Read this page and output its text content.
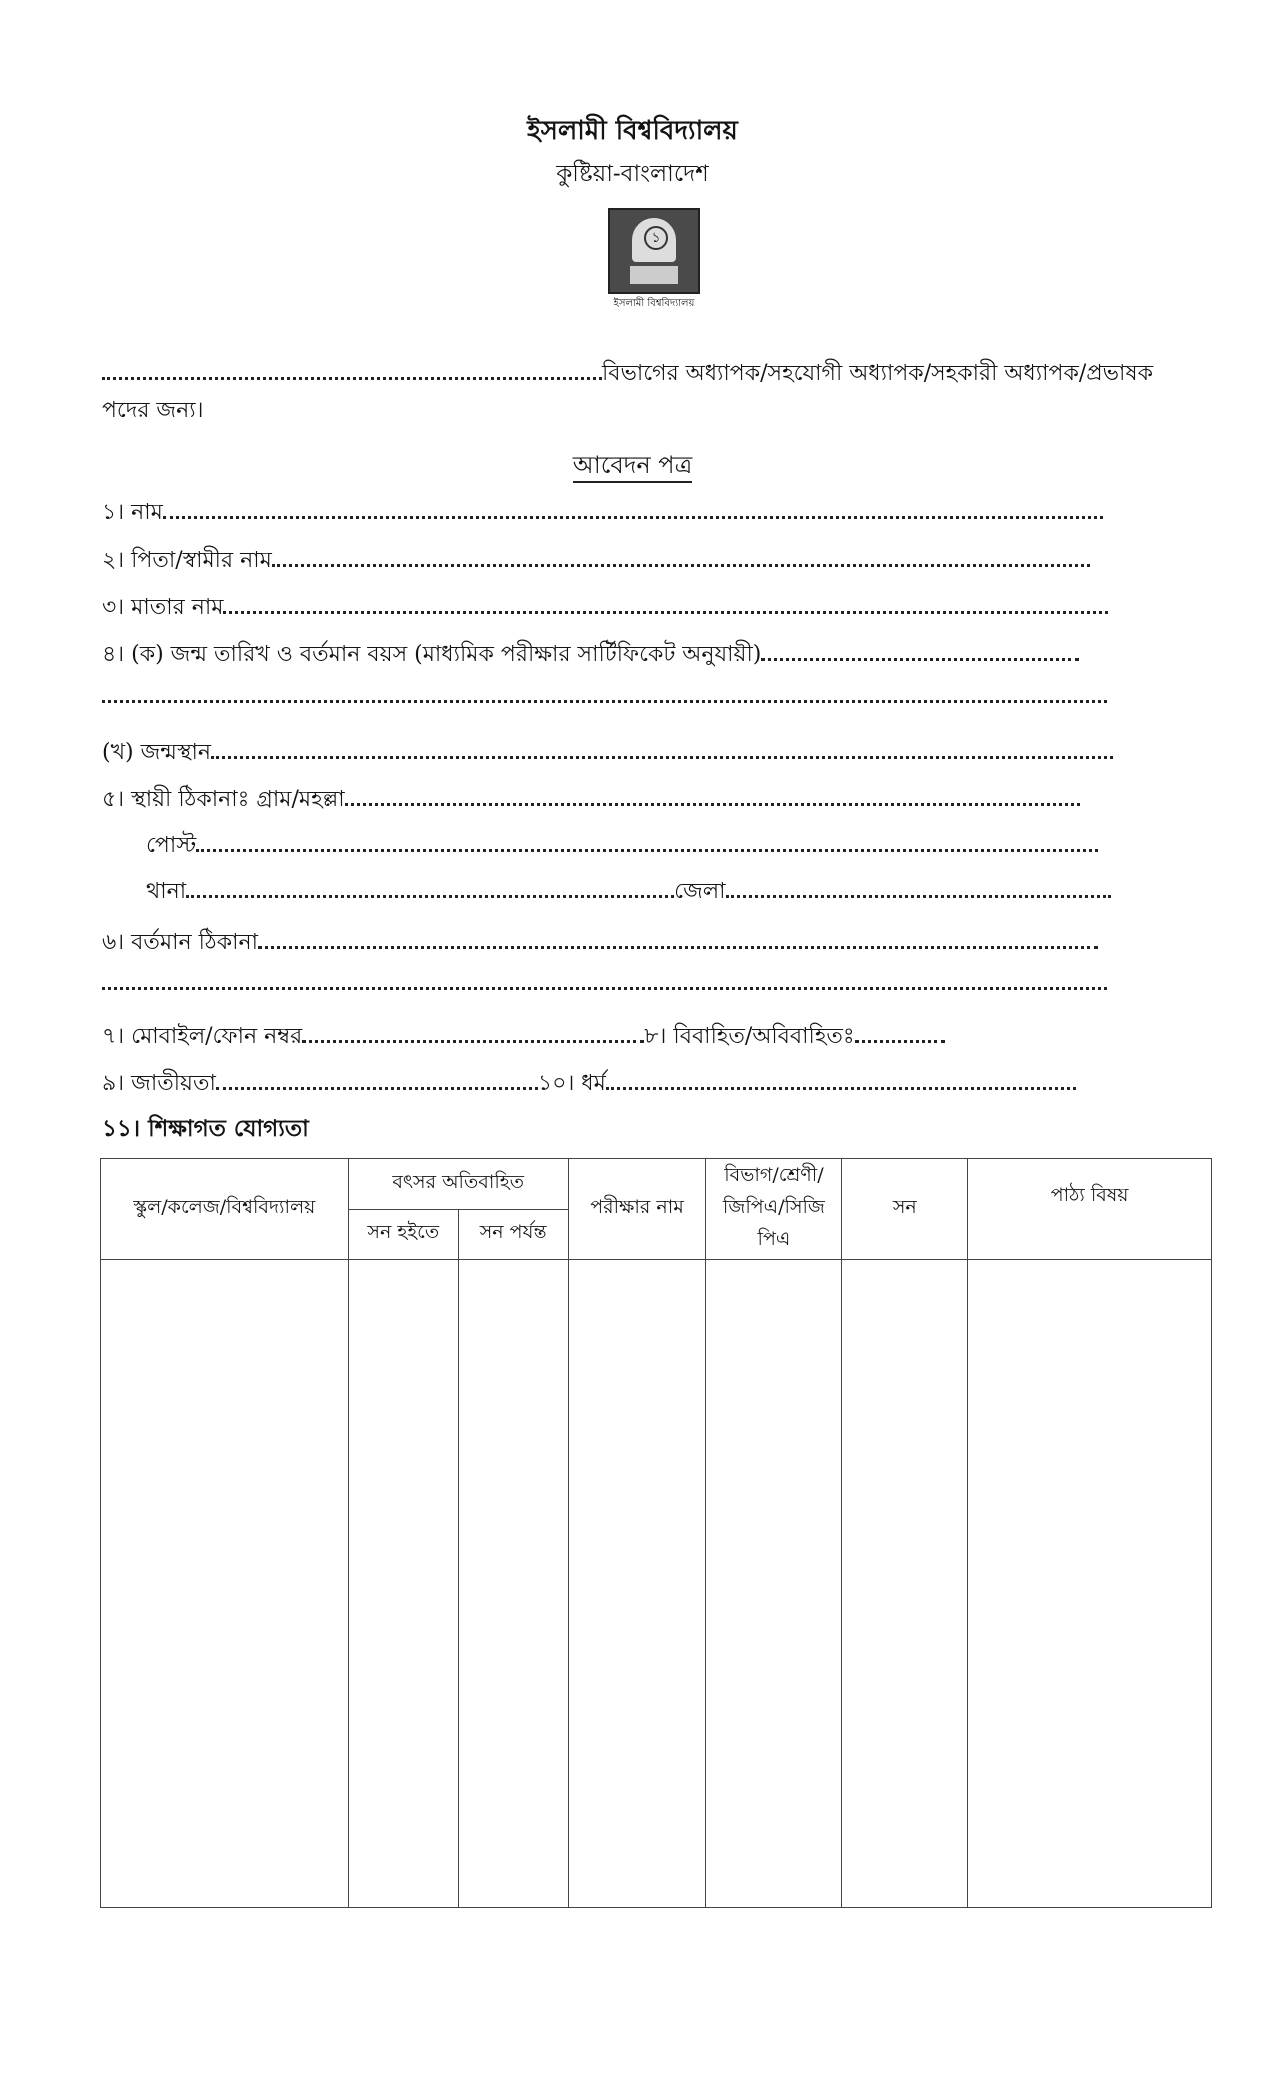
ইসলামী বিশ্ববিদ্যালয়
কুষ্টিয়া-বাংলাদেশ
১
ইসলামী বিশ্ববিদ্যালয়
বিভাগের অধ্যাপক/সহযোগী অধ্যাপক/সহকারী অধ্যাপক/প্রভাষক
পদের জন্য।
আবেদন পত্র
১। নাম
২। পিতা/স্বামীর নাম
৩। মাতার নাম
৪। (ক) জন্ম তারিখ ও বর্তমান বয়স (মাধ্যমিক পরীক্ষার সার্টিফিকেট অনুযায়ী)
(খ) জন্মস্থান
৫। স্থায়ী ঠিকানাঃ গ্রাম/মহল্লা
পোস্ট
থানা	জেলা
৬। বর্তমান ঠিকানা
৭। মোবাইল/ফোন নম্বর	৮। বিবাহিত/অবিবাহিতঃ
৯। জাতীয়তা	১০। ধর্ম
১১। শিক্ষাগত যোগ্যতা
স্কুল/কলেজ/বিশ্ববিদ্যালয়	বৎসর অতিবাহিত		পরীক্ষার নাম	বিভাগ/শ্রেণী/ জিপিএ/সিজি পিএ	সন	পাঠ্য বিষয়
	সন হইতে	সন পর্যন্ত				
